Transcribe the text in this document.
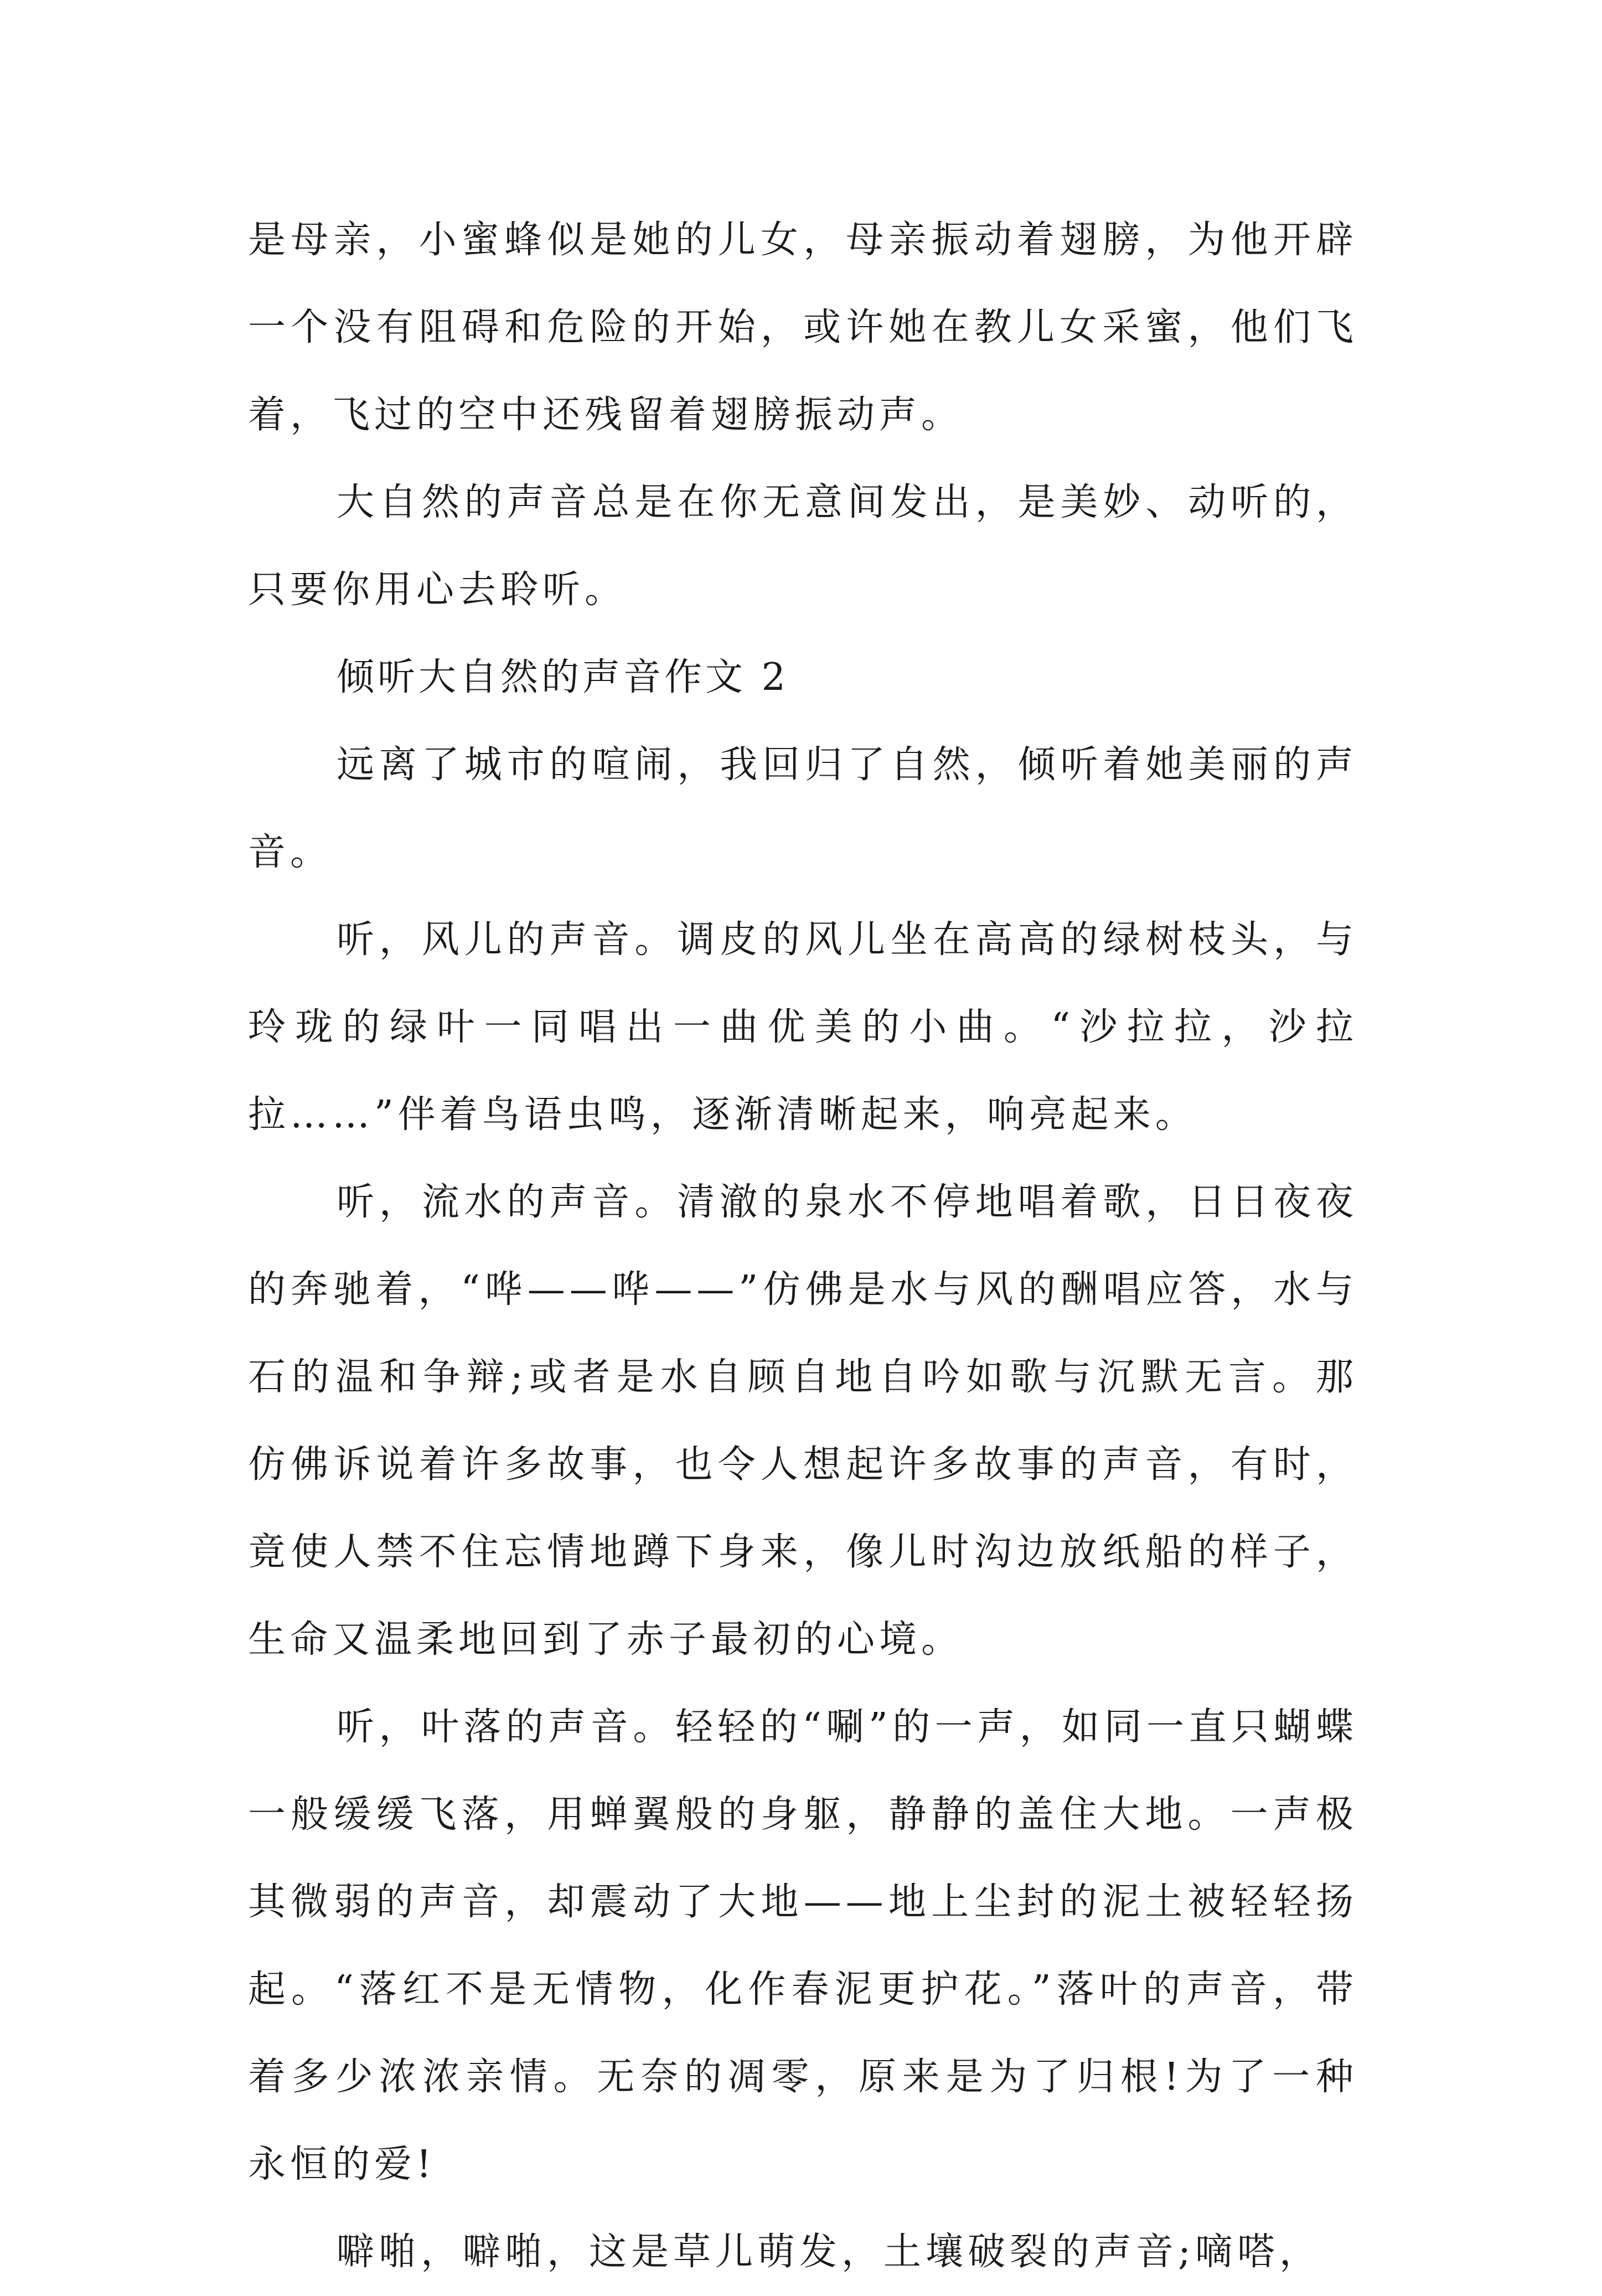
是母亲，小蜜蜂似是她的儿女，母亲振动着翅膀，为他开辟一个没有阻碍和危险的开始，或许她在教儿女采蜜，他们飞着，飞过的空中还残留着翅膀振动声。

大自然的声音总是在你无意间发出，是美妙、动听的，只要你用心去聆听。

倾听大自然的声音作文 2

远离了城市的喧闹，我回归了自然，倾听着她美丽的声音。

听，风儿的声音。调皮的风儿坐在高高的绿树枝头，与玲珑的绿叶一同唱出一曲优美的小曲。“沙拉拉，沙拉拉……”伴着鸟语虫鸣，逐渐清晰起来，响亮起来。

听，流水的声音。清澈的泉水不停地唱着歌，日日夜夜的奔驰着，“哗——哗——”仿佛是水与风的酬唱应答，水与石的温和争辩;或者是水自顾自地自吟如歌与沉默无言。那仿佛诉说着许多故事，也令人想起许多故事的声音，有时，竟使人禁不住忘情地蹲下身来，像儿时沟边放纸船的样子，生命又温柔地回到了赤子最初的心境。

听，叶落的声音。轻轻的“唰”的一声，如同一直只蝴蝶一般缓缓飞落，用蝉翼般的身躯，静静的盖住大地。一声极其微弱的声音，却震动了大地——地上尘封的泥土被轻轻扬起。“落红不是无情物，化作春泥更护花。”落叶的声音，带着多少浓浓亲情。无奈的凋零，原来是为了归根!为了一种永恒的爱!

噼啪，噼啪，这是草儿萌发，土壤破裂的声音;嘀嗒，
